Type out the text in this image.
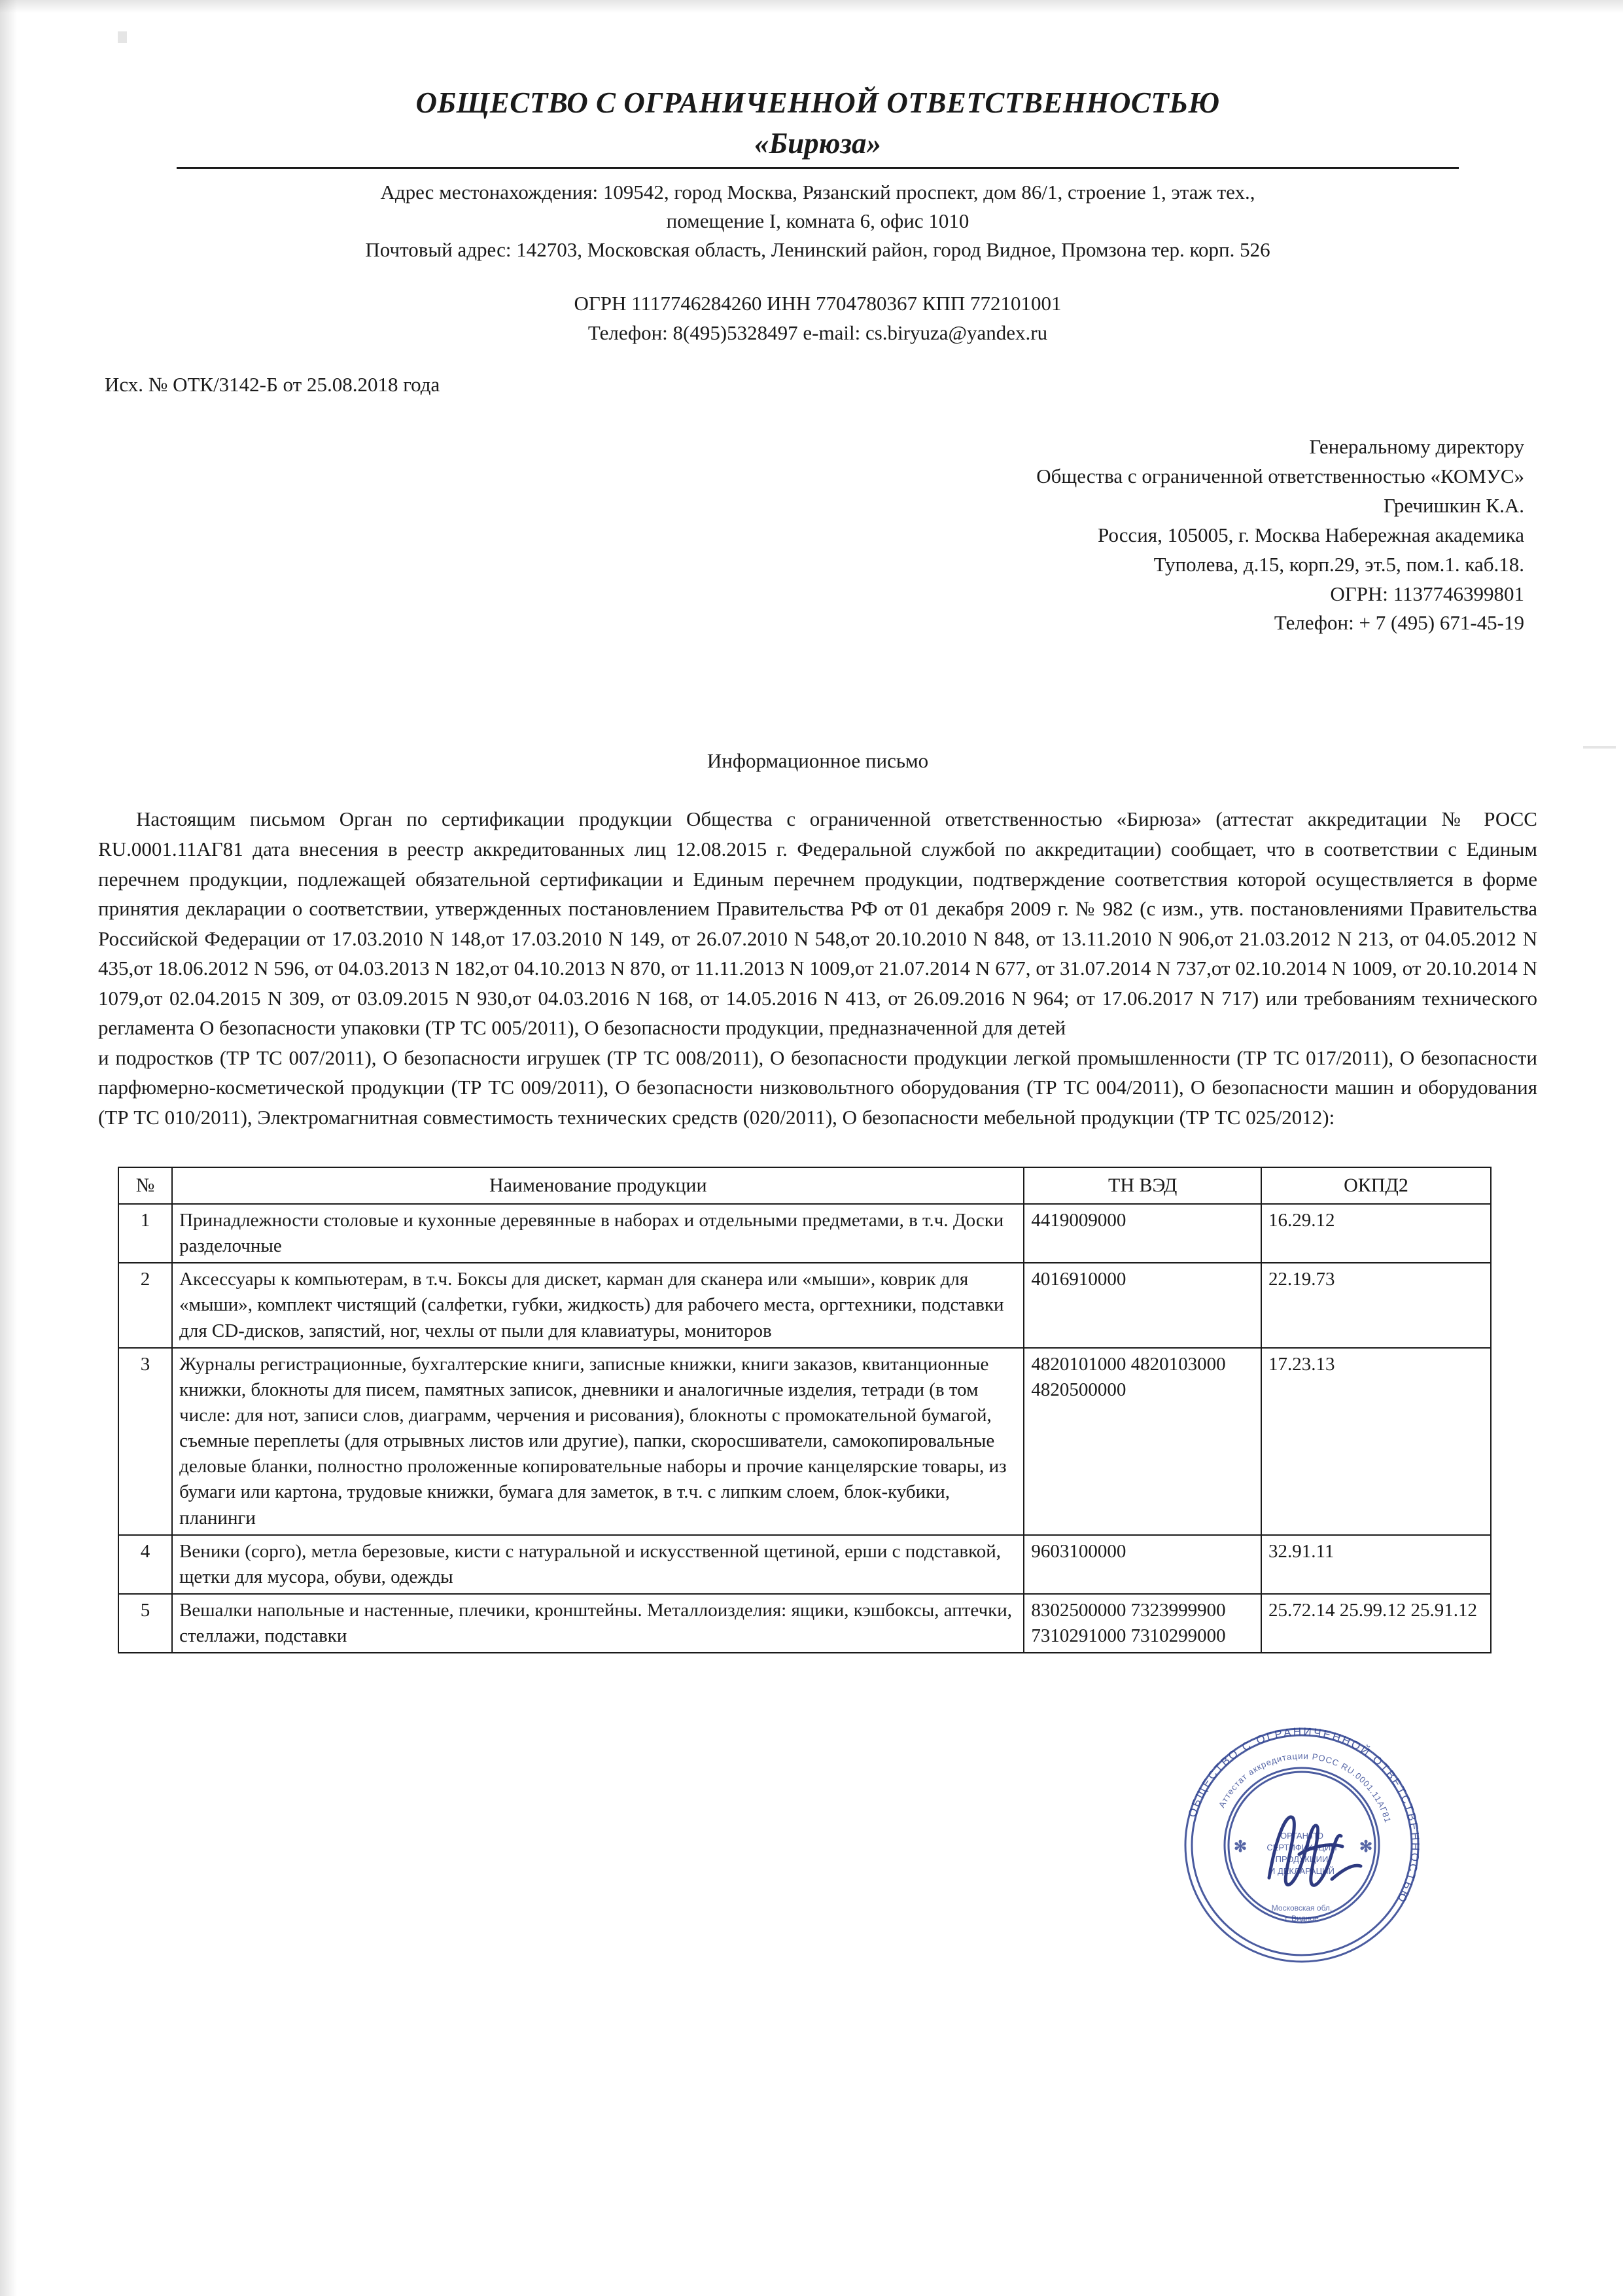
ОБЩЕСТВО С ОГРАНИЧЕННОЙ ОТВЕТСТВЕННОСТЬЮ
«Бирюза»
Адрес местонахождения: 109542, город Москва, Рязанский проспект, дом 86/1, строение 1, этаж тех.,
помещение I, комната 6, офис 1010
Почтовый адрес: 142703, Московская область, Ленинский район, город Видное, Промзона тер. корп. 526
ОГРН 1117746284260 ИНН 7704780367 КПП 772101001
Телефон: 8(495)5328497 e-mail: cs.biryuza@yandex.ru
Исх. № ОТК/3142-Б от 25.08.2018 года
Генеральному директору
Общества с ограниченной ответственностью «КОМУС»
Гречишкин К.А.
Россия, 105005, г. Москва Набережная академика
Туполева, д.15, корп.29, эт.5, пом.1. каб.18.
ОГРН: 1137746399801
Телефон: + 7 (495) 671-45-19
Информационное письмо

Настоящим письмом Орган по сертификации продукции Общества с ограниченной ответственностью «Бирюза» (аттестат аккредитации № РОСС RU.0001.11АГ81 дата внесения в реестр аккредитованных лиц 12.08.2015 г. Федеральной службой по аккредитации) сообщает, что в соответствии с Единым перечнем продукции, подлежащей обязательной сертификации и Единым перечнем продукции, подтверждение соответствия которой осуществляется в форме принятия декларации о соответствии, утвержденных постановлением Правительства РФ от 01 декабря 2009 г. № 982 (с изм., утв. постановлениями Правительства Российской Федерации от 17.03.2010 N 148,от 17.03.2010 N 149, от 26.07.2010 N 548,от 20.10.2010 N 848, от 13.11.2010 N 906,от 21.03.2012 N 213, от 04.05.2012 N 435,от 18.06.2012 N 596, от 04.03.2013 N 182,от 04.10.2013 N 870, от 11.11.2013 N 1009,от 21.07.2014 N 677, от 31.07.2014 N 737,от 02.10.2014 N 1009, от 20.10.2014 N 1079,от 02.04.2015 N 309, от 03.09.2015 N 930,от 04.03.2016 N 168, от 14.05.2016 N 413, от 26.09.2016 N 964; от 17.06.2017 N 717) или требованиям технического регламента О безопасности упаковки (ТР ТС 005/2011), О безопасности продукции, предназначенной для детей

и подростков (ТР ТС 007/2011), О безопасности игрушек (ТР ТС 008/2011), О безопасности продукции легкой промышленности (ТР ТС 017/2011), О безопасности парфюмерно-косметической продукции (ТР ТС 009/2011), О безопасности низковольтного оборудования (ТР ТС 004/2011), О безопасности машин и оборудования (ТР ТС 010/2011), Электромагнитная совместимость технических средств (020/2011), О безопасности мебельной продукции (ТР ТС 025/2012):

№	Наименование продукции	ТН ВЭД	ОКПД2
1	Принадлежности столовые и кухонные деревянные в наборах и отдельными предметами, в т.ч. Доски разделочные	4419009000	16.29.12
2	Аксессуары к компьютерам, в т.ч. Боксы для дискет, карман для сканера или «мыши», коврик для «мыши», комплект чистящий (салфетки, губки, жидкость) для рабочего места, оргтехники, подставки для CD-дисков, запястий, ног, чехлы от пыли для клавиатуры, мониторов	4016910000	22.19.73
3	Журналы регистрационные, бухгалтерские книги, записные книжки, книги заказов, квитанционные книжки, блокноты для писем, памятных записок, дневники и аналогичные изделия, тетради (в том числе: для нот, записи слов, диаграмм, черчения и рисования), блокноты с промокательной бумагой, съемные переплеты (для отрывных листов или другие), папки, скоросшиватели, самокопировальные деловые бланки, полностно проложенные копировательные наборы и прочие канцелярские товары, из бумаги или картона, трудовые книжки, бумага для заметок, в т.ч. с липким слоем, блок-кубики, планинги	4820101000 4820103000 4820500000	17.23.13
4	Веники (сорго), метла березовые, кисти с натуральной и искусственной щетиной, ерши с подставкой, щетки для мусора, обуви, одежды	9603100000	32.91.11
5	Вешалки напольные и настенные, плечики, кронштейны. Металлоизделия: ящики, кэшбоксы, аптечки, стеллажи, подставки	8302500000 7323999900 7310291000 7310299000	25.72.14 25.99.12 25.91.12
ОБЩЕСТВО С ОГРАНИЧЕННОЙ ОТВЕТСТВЕННОСТЬЮ
Аттестат аккредитации РОСС RU.0001.11АГ81
ОРГАН ПО
СЕРТИФИКАЦИИ
ПРОДУКЦИИ
И ДЕКЛАРАЦИЙ
Московская обл.
г. Видное
✻	✻
